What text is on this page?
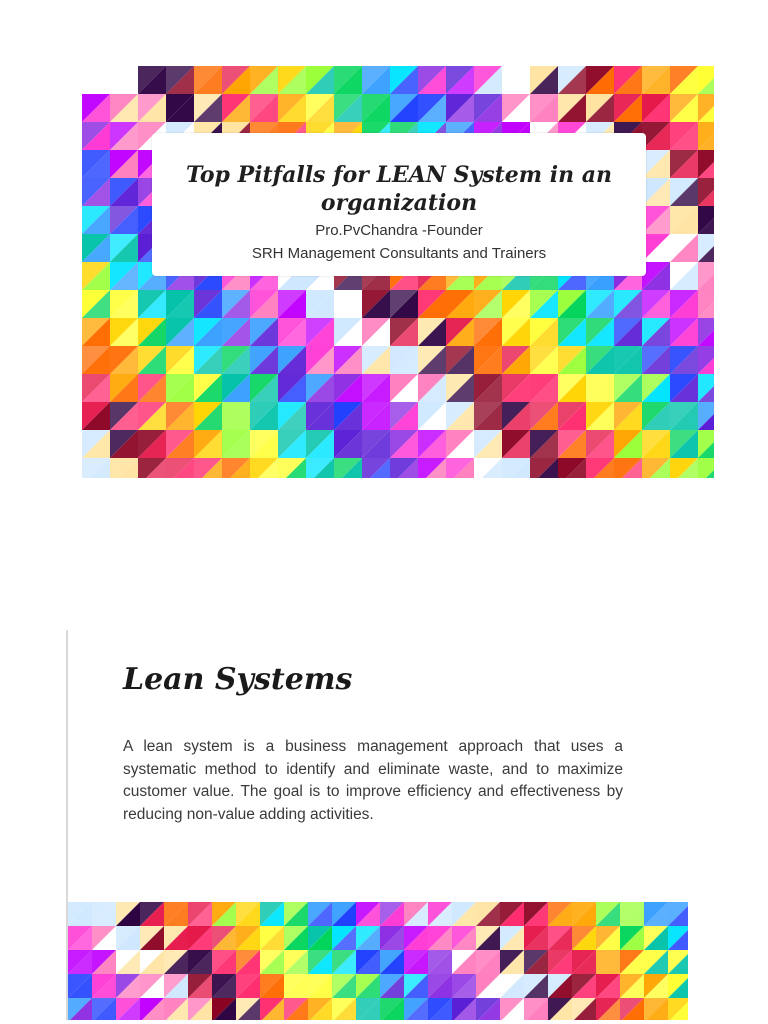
Top Pitfalls for LEAN System in an organization
Pro.PvChandra -Founder
SRH Management Consultants and Trainers
Lean Systems
A lean system is a business management approach that uses a systematic method to identify and eliminate waste, and to maximize customer value. The goal is to improve efficiency and effectiveness by reducing non-value adding activities.
